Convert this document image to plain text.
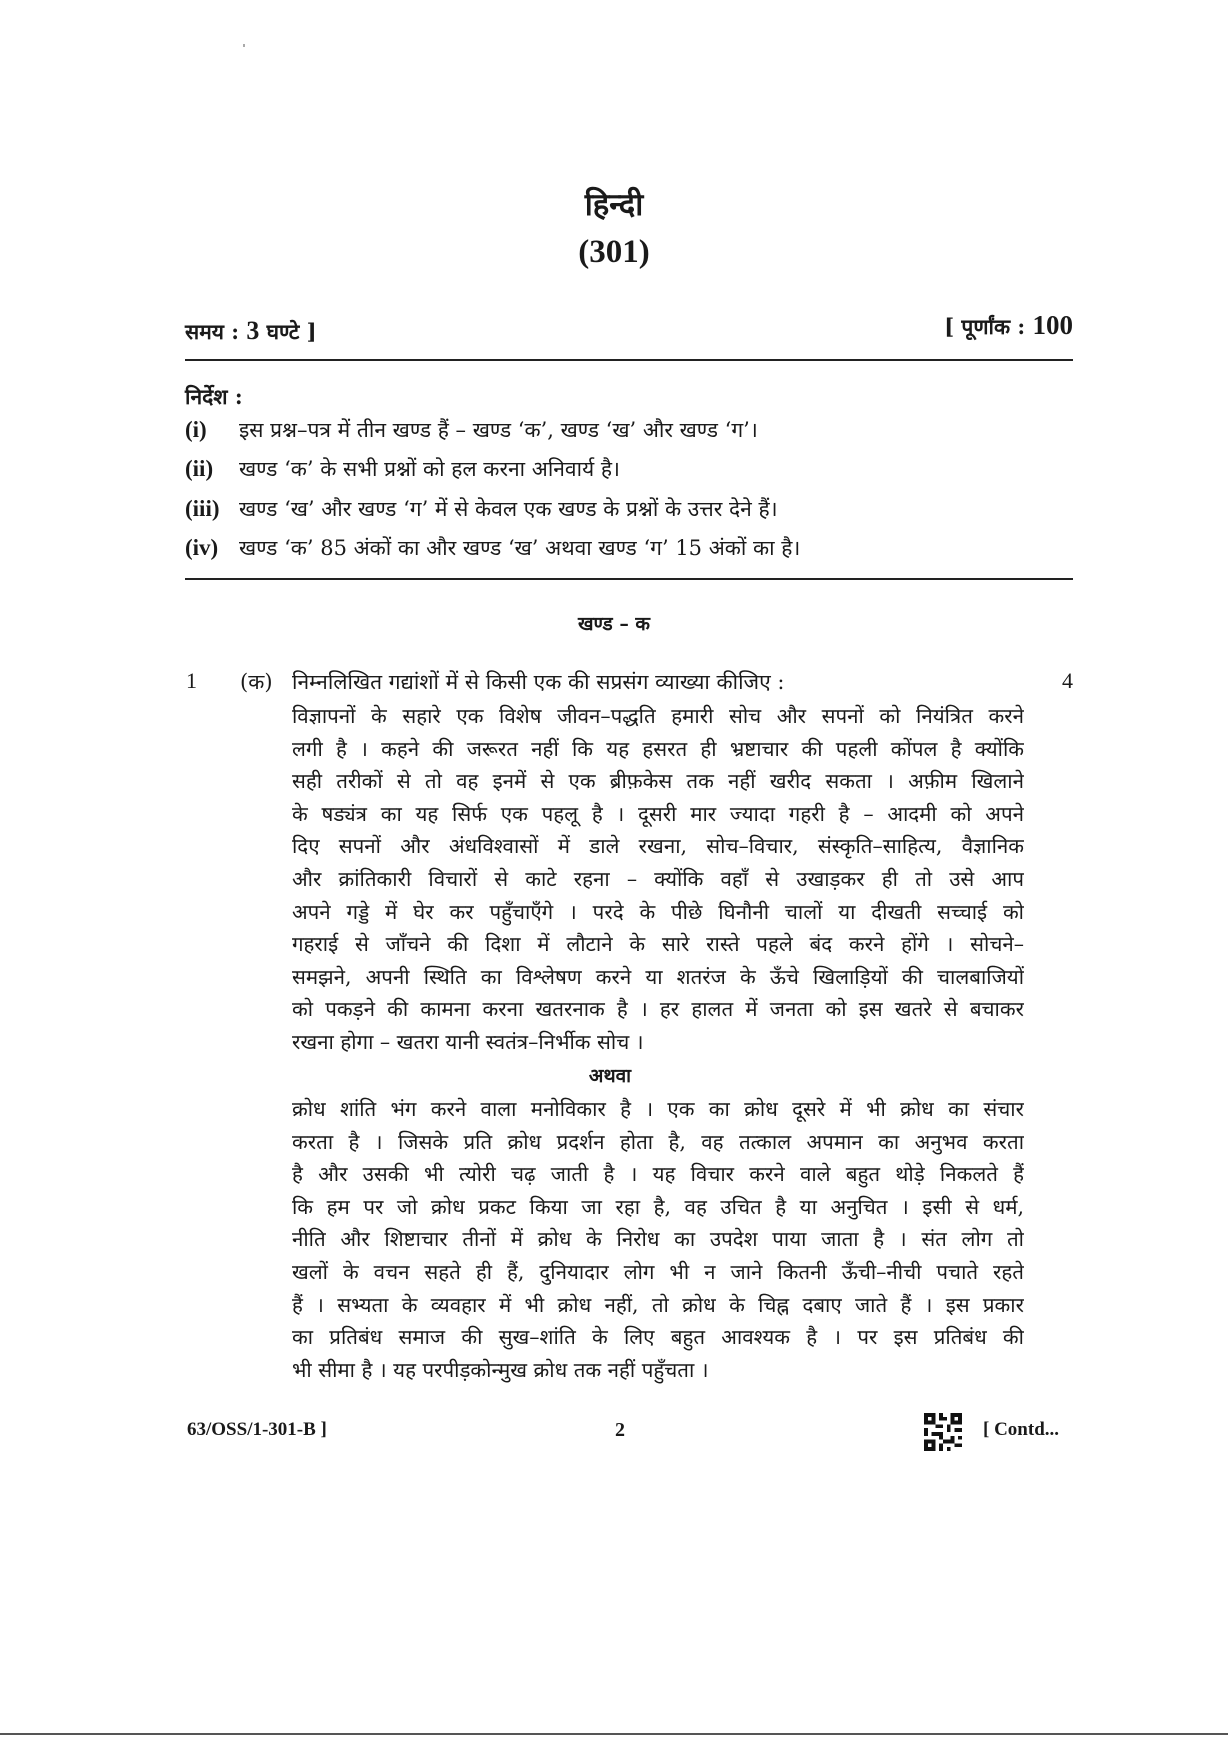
हिन्दी
(301)
समय : 3 घण्टे ]	[ पूर्णांक : 100
निर्देश :
(i) इस प्रश्न–पत्र में तीन खण्ड हैं – खण्ड ‘क’, खण्ड ‘ख’ और खण्ड ‘ग’।
(ii) खण्ड ‘क’ के सभी प्रश्नों को हल करना अनिवार्य है।
(iii) खण्ड ‘ख’ और खण्ड ‘ग’ में से केवल एक खण्ड के प्रश्नों के उत्तर देने हैं।
(iv) खण्ड ‘क’ 85 अंकों का और खण्ड ‘ख’ अथवा खण्ड ‘ग’ 15 अंकों का है।
खण्ड – क
1 (क) निम्नलिखित गद्यांशों में से किसी एक की सप्रसंग व्याख्या कीजिए :	4
विज्ञापनों के सहारे एक विशेष जीवन–पद्धति हमारी सोच और सपनों को नियंत्रित करने
लगी है । कहने की जरूरत नहीं कि यह हसरत ही भ्रष्टाचार की पहली कोंपल है क्योंकि
सही तरीकों से तो वह इनमें से एक ब्रीफ़केस तक नहीं खरीद सकता । अफ़ीम खिलाने
के षड्यंत्र का यह सिर्फ एक पहलू है । दूसरी मार ज्यादा गहरी है – आदमी को अपने
दिए सपनों और अंधविश्वासों में डाले रखना, सोच–विचार, संस्कृति–साहित्य, वैज्ञानिक
और क्रांतिकारी विचारों से काटे रहना – क्योंकि वहाँ से उखाड़कर ही तो उसे आप
अपने गड्डे में घेर कर पहुँचाएँगे । परदे के पीछे घिनौनी चालों या दीखती सच्चाई को
गहराई से जाँचने की दिशा में लौटाने के सारे रास्ते पहले बंद करने होंगे । सोचने–
समझने, अपनी स्थिति का विश्लेषण करने या शतरंज के ऊँचे खिलाड़ियों की चालबाजियों
को पकड़ने की कामना करना खतरनाक है । हर हालत में जनता को इस खतरे से बचाकर
रखना होगा – खतरा यानी स्वतंत्र–निर्भीक सोच ।
अथवा
क्रोध शांति भंग करने वाला मनोविकार है । एक का क्रोध दूसरे में भी क्रोध का संचार
करता है । जिसके प्रति क्रोध प्रदर्शन होता है, वह तत्काल अपमान का अनुभव करता
है और उसकी भी त्योरी चढ़ जाती है । यह विचार करने वाले बहुत थोड़े निकलते हैं
कि हम पर जो क्रोध प्रकट किया जा रहा है, वह उचित है या अनुचित । इसी से धर्म,
नीति और शिष्टाचार तीनों में क्रोध के निरोध का उपदेश पाया जाता है । संत लोग तो
खलों के वचन सहते ही हैं, दुनियादार लोग भी न जाने कितनी ऊँची–नीची पचाते रहते
हैं । सभ्यता के व्यवहार में भी क्रोध नहीं, तो क्रोध के चिह्न दबाए जाते हैं । इस प्रकार
का प्रतिबंध समाज की सुख–शांति के लिए बहुत आवश्यक है । पर इस प्रतिबंध की
भी सीमा है । यह परपीड़कोन्मुख क्रोध तक नहीं पहुँचता ।
63/OSS/1-301-B ]	2	[ Contd...
